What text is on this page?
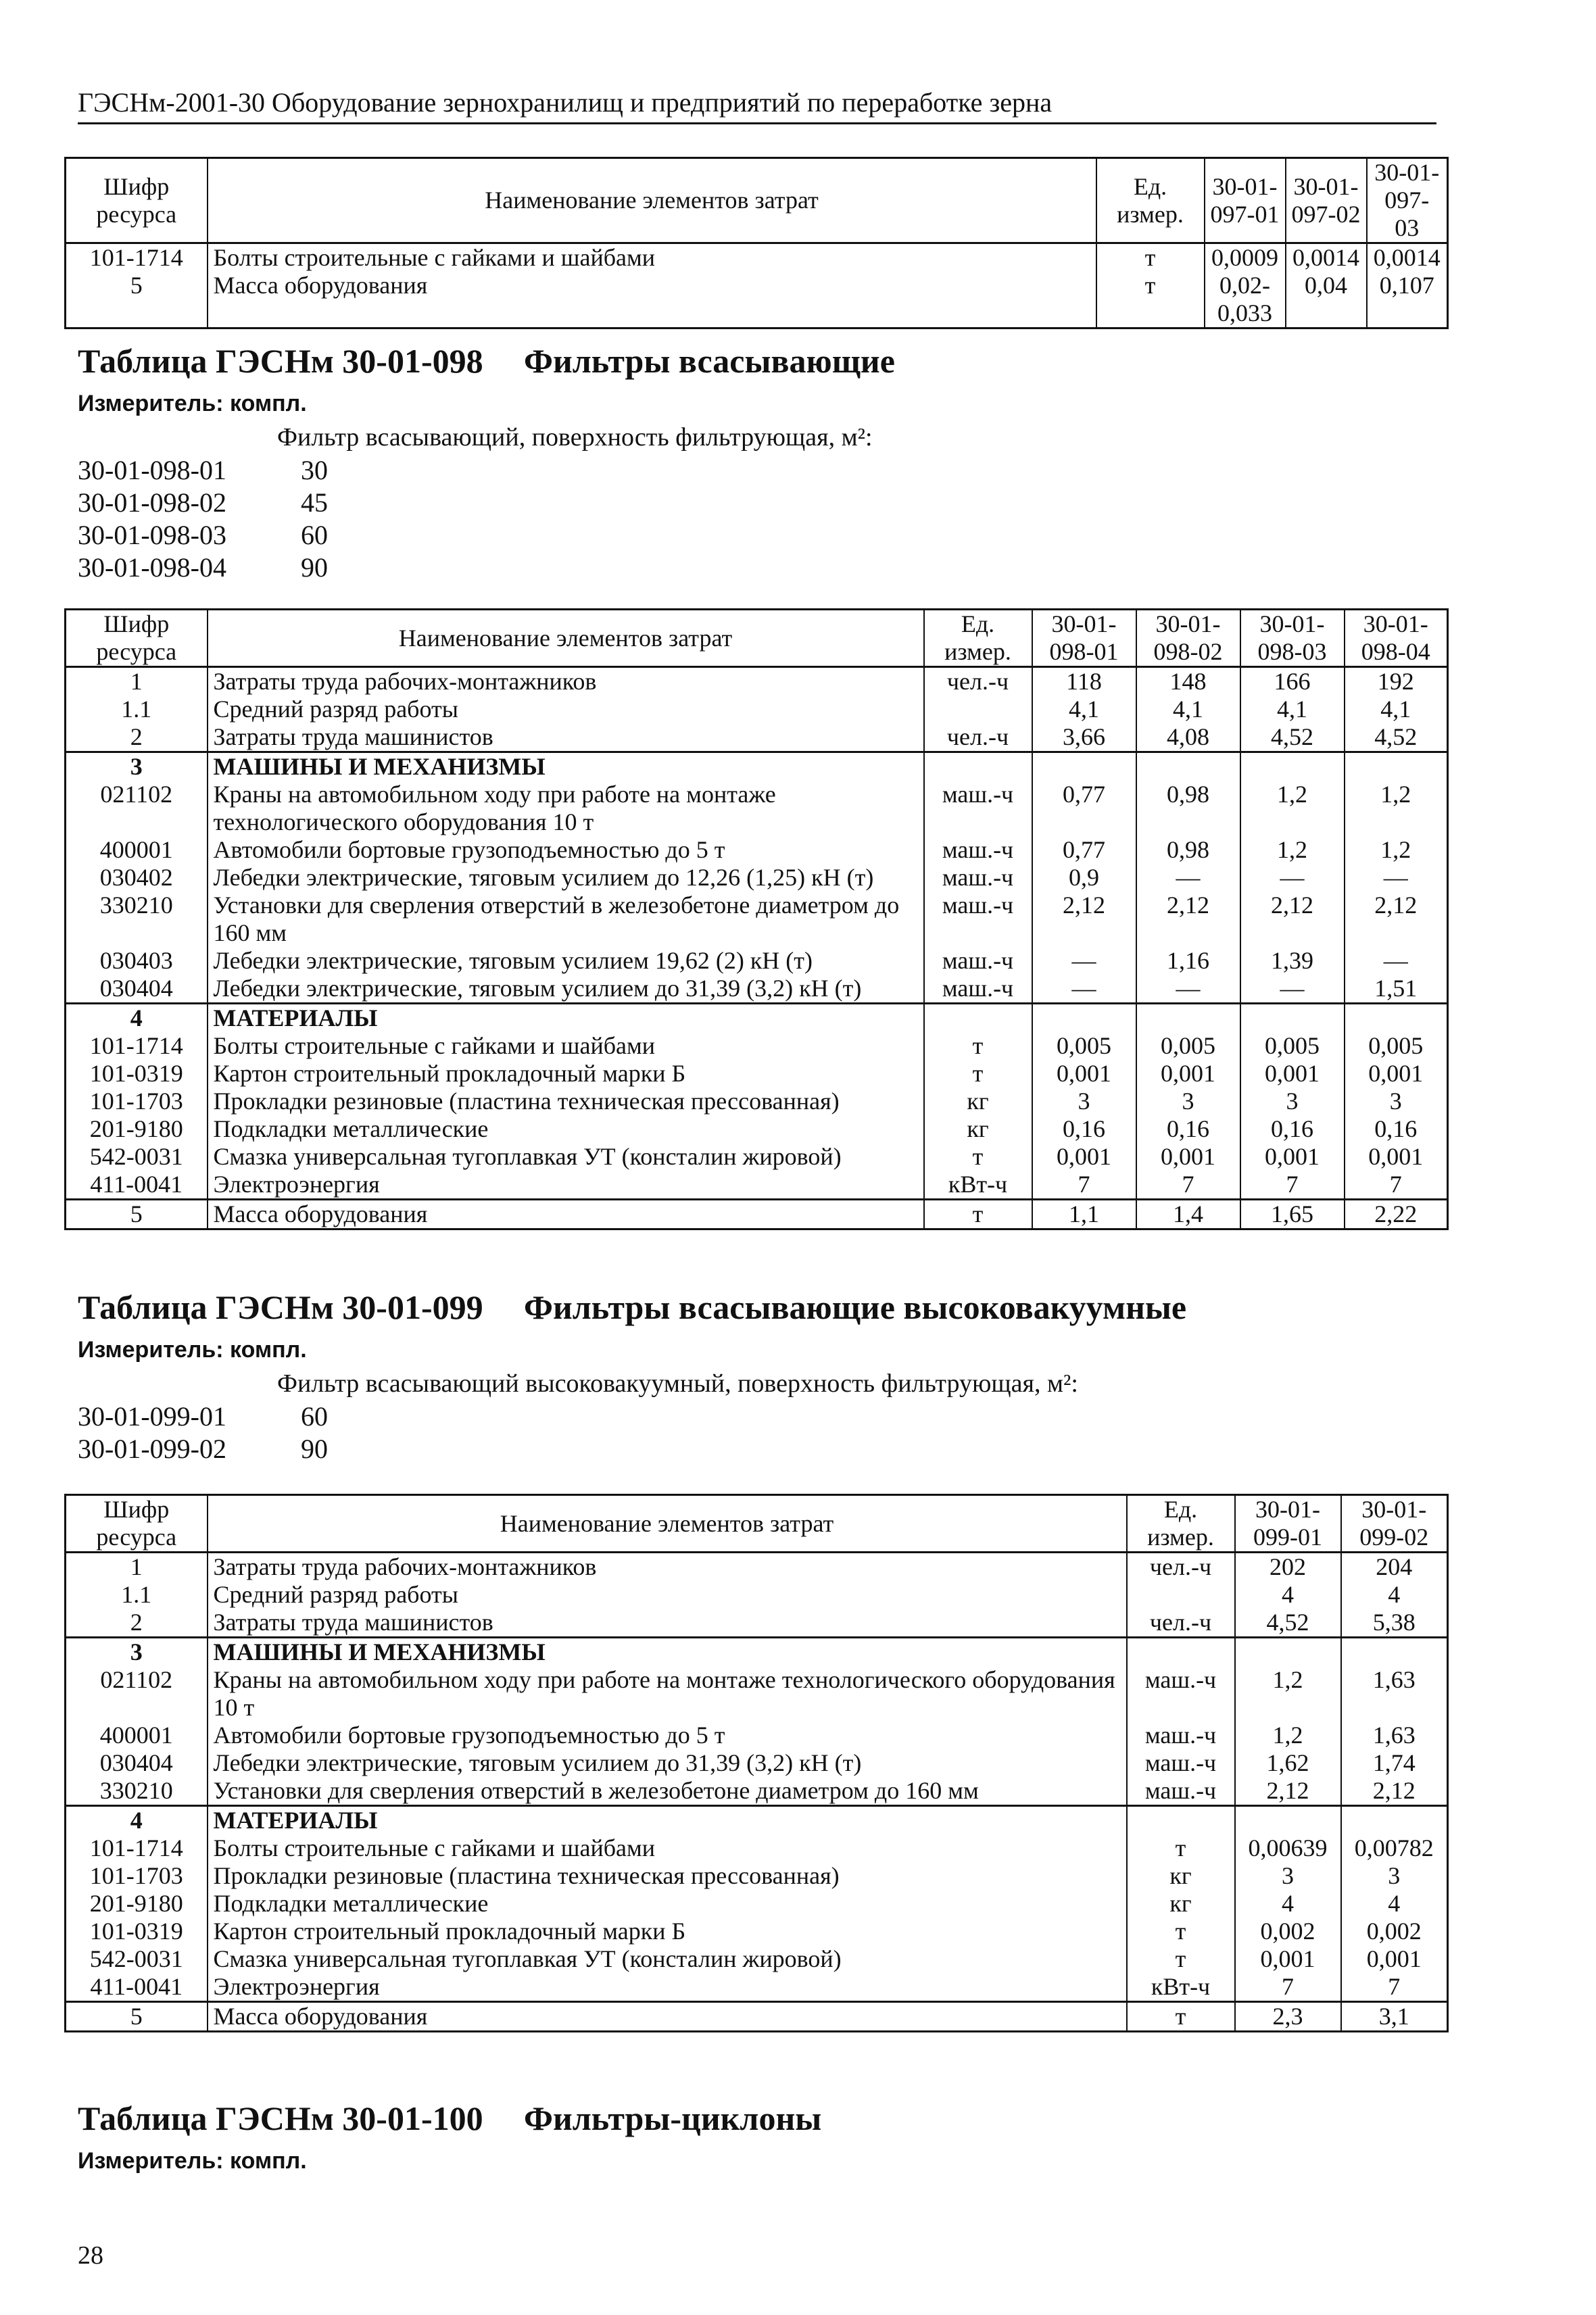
ГЭСНм-2001-30 Оборудование зернохранилищ и предприятий по переработке зерна
Шифр ресурса	Наименование элементов затрат	Ед. измер.	30-01-097-01	30-01-097-02	30-01-097-03
101-1714	Болты строительные с гайками и шайбами	т	0,0009	0,0014	0,0014
5	Масса оборудования	т	0,02-0,033	0,04	0,107
Таблица ГЭСНм 30-01-098 Фильтры всасывающие
Измеритель: компл.
Фильтр всасывающий, поверхность фильтрующая, м²:
30-01-098-01	30
30-01-098-02	45
30-01-098-03	60
30-01-098-04	90
Шифр ресурса	Наименование элементов затрат	Ед. измер.	30-01-098-01	30-01-098-02	30-01-098-03	30-01-098-04
1	Затраты труда рабочих-монтажников	чел.-ч	118	148	166	192
1.1	Средний разряд работы		4,1	4,1	4,1	4,1
2	Затраты труда машинистов	чел.-ч	3,66	4,08	4,52	4,52
3	МАШИНЫ И МЕХАНИЗМЫ					
021102	Краны на автомобильном ходу при работе на монтаже технологического оборудования 10 т	маш.-ч	0,77	0,98	1,2	1,2
400001	Автомобили бортовые грузоподъемностью до 5 т	маш.-ч	0,77	0,98	1,2	1,2
030402	Лебедки электрические, тяговым усилием до 12,26 (1,25) кН (т)	маш.-ч	0,9	—	—	—
330210	Установки для сверления отверстий в железобетоне диаметром до 160 мм	маш.-ч	2,12	2,12	2,12	2,12
030403	Лебедки электрические, тяговым усилием 19,62 (2) кН (т)	маш.-ч	—	1,16	1,39	—
030404	Лебедки электрические, тяговым усилием до 31,39 (3,2) кН (т)	маш.-ч	—	—	—	1,51
4	МАТЕРИАЛЫ					
101-1714	Болты строительные с гайками и шайбами	т	0,005	0,005	0,005	0,005
101-0319	Картон строительный прокладочный марки Б	т	0,001	0,001	0,001	0,001
101-1703	Прокладки резиновые (пластина техническая прессованная)	кг	3	3	3	3
201-9180	Подкладки металлические	кг	0,16	0,16	0,16	0,16
542-0031	Смазка универсальная тугоплавкая УТ (консталин жировой)	т	0,001	0,001	0,001	0,001
411-0041	Электроэнергия	кВт-ч	7	7	7	7
5	Масса оборудования	т	1,1	1,4	1,65	2,22
Таблица ГЭСНм 30-01-099 Фильтры всасывающие высоковакуумные
Измеритель: компл.
Фильтр всасывающий высоковакуумный, поверхность фильтрующая, м²:
30-01-099-01	60
30-01-099-02	90
Шифр ресурса	Наименование элементов затрат	Ед. измер.	30-01-099-01	30-01-099-02
1	Затраты труда рабочих-монтажников	чел.-ч	202	204
1.1	Средний разряд работы		4	4
2	Затраты труда машинистов	чел.-ч	4,52	5,38
3	МАШИНЫ И МЕХАНИЗМЫ			
021102	Краны на автомобильном ходу при работе на монтаже технологического оборудования 10 т	маш.-ч	1,2	1,63
400001	Автомобили бортовые грузоподъемностью до 5 т	маш.-ч	1,2	1,63
030404	Лебедки электрические, тяговым усилием до 31,39 (3,2) кН (т)	маш.-ч	1,62	1,74
330210	Установки для сверления отверстий в железобетоне диаметром до 160 мм	маш.-ч	2,12	2,12
4	МАТЕРИАЛЫ			
101-1714	Болты строительные с гайками и шайбами	т	0,00639	0,00782
101-1703	Прокладки резиновые (пластина техническая прессованная)	кг	3	3
201-9180	Подкладки металлические	кг	4	4
101-0319	Картон строительный прокладочный марки Б	т	0,002	0,002
542-0031	Смазка универсальная тугоплавкая УТ (консталин жировой)	т	0,001	0,001
411-0041	Электроэнергия	кВт-ч	7	7
5	Масса оборудования	т	2,3	3,1
Таблица ГЭСНм 30-01-100 Фильтры-циклоны
Измеритель: компл.
28
